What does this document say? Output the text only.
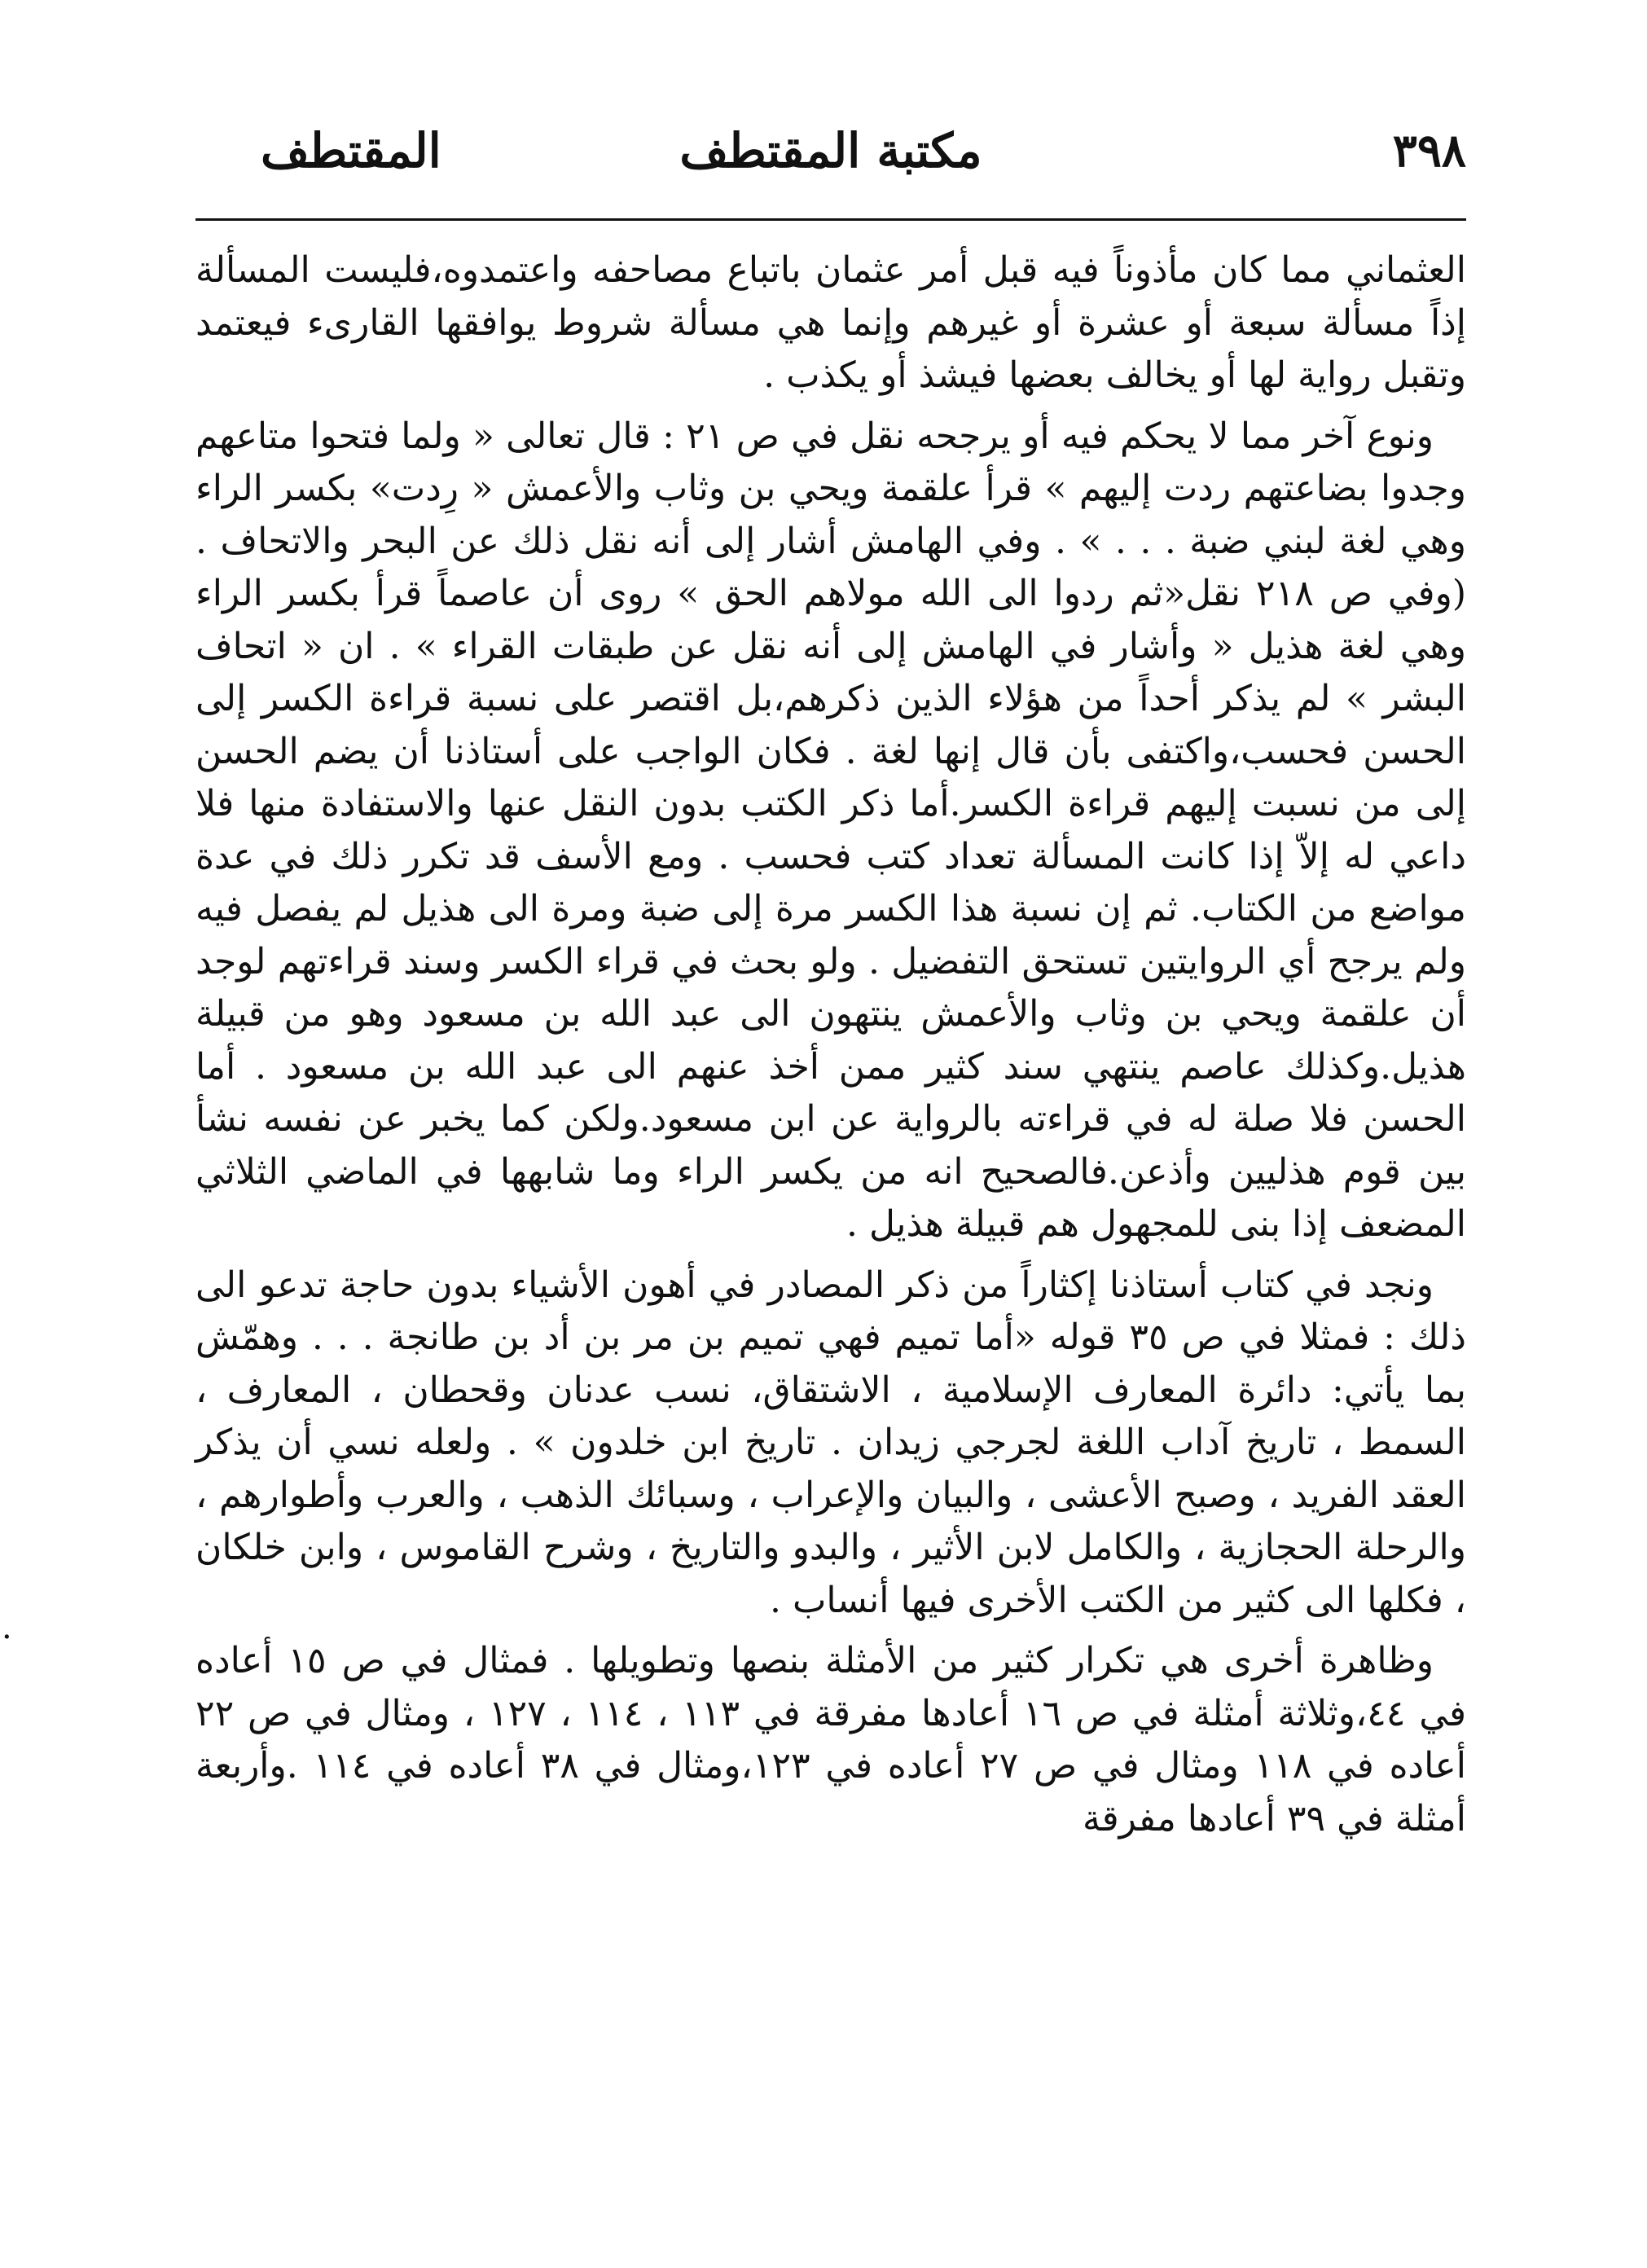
٣٩٨
مكتبة المقتطف
المقتطف

العثماني مما كان مأذوناً فيه قبل أمر عثمان باتباع مصاحفه واعتمدوه،فليست المسألة إذاً مسألة سبعة أو عشرة أو غيرهم وإنما هي مسألة شروط يوافقها القارىء فيعتمد وتقبل رواية لها أو يخالف بعضها فيشذ أو يكذب .

ونوع آخر مما لا يحكم فيه أو يرجحه نقل في ص ٢١ : قال تعالى « ولما فتحوا متاعهم وجدوا بضاعتهم ردت إليهم » قرأ علقمة ويحي بن وثاب والأعمش « رِدت» بكسر الراء وهي لغة لبني ضبة . . . » . وفي الهامش أشار إلى أنه نقل ذلك عن البحر والاتحاف . (وفي ص ٢١٨ نقل«ثم ردوا الى الله مولاهم الحق » روى أن عاصماً قرأ بكسر الراء وهي لغة هذيل « وأشار في الهامش إلى أنه نقل عن طبقات القراء » . ان « اتحاف البشر » لم يذكر أحداً من هؤلاء الذين ذكرهم،بل اقتصر على نسبة قراءة الكسر إلى الحسن فحسب،واكتفى بأن قال إنها لغة . فكان الواجب على أستاذنا أن يضم الحسن إلى من نسبت إليهم قراءة الكسر.أما ذكر الكتب بدون النقل عنها والاستفادة منها فلا داعي له إلاّ إذا كانت المسألة تعداد كتب فحسب . ومع الأسف قد تكرر ذلك في عدة مواضع من الكتاب. ثم إن نسبة هذا الكسر مرة إلى ضبة ومرة الى هذيل لم يفصل فيه ولم يرجح أي الروايتين تستحق التفضيل . ولو بحث في قراء الكسر وسند قراءتهم لوجد أن علقمة ويحي بن وثاب والأعمش ينتهون الى عبد الله بن مسعود وهو من قبيلة هذيل.وكذلك عاصم ينتهي سند كثير ممن أخذ عنهم الى عبد الله بن مسعود . أما الحسن فلا صلة له في قراءته بالرواية عن ابن مسعود.ولكن كما يخبر عن نفسه نشأ بين قوم هذليين وأذعن.فالصحيح انه من يكسر الراء وما شابهها في الماضي الثلاثي المضعف إذا بنى للمجهول هم قبيلة هذيل .

ونجد في كتاب أستاذنا إكثاراً من ذكر المصادر في أهون الأشياء بدون حاجة تدعو الى ذلك : فمثلا في ص ٣٥ قوله «أما تميم فهي تميم بن مر بن أد بن طانجة . . . وهمّش بما يأتي: دائرة المعارف الإسلامية ، الاشتقاق، نسب عدنان وقحطان ، المعارف ، السمط ، تاريخ آداب اللغة لجرجي زيدان . تاريخ ابن خلدون » . ولعله نسي أن يذكر العقد الفريد ، وصبح الأعشى ، والبيان والإعراب ، وسبائك الذهب ، والعرب وأطوارهم ، والرحلة الحجازية ، والكامل لابن الأثير ، والبدو والتاريخ ، وشرح القاموس ، وابن خلكان ، فكلها الى كثير من الكتب الأخرى فيها أنساب .

وظاهرة أخرى هي تكرار كثير من الأمثلة بنصها وتطويلها . فمثال في ص ١٥ أعاده في ٤٤،وثلاثة أمثلة في ص ١٦ أعادها مفرقة في ١١٣ ، ١١٤ ، ١٢٧ ، ومثال في ص ٢٢ أعاده في ١١٨ ومثال في ص ٢٧ أعاده في ١٢٣،ومثال في ٣٨ أعاده في ١١٤ .وأربعة أمثلة في ٣٩ أعادها مفرقة

·
